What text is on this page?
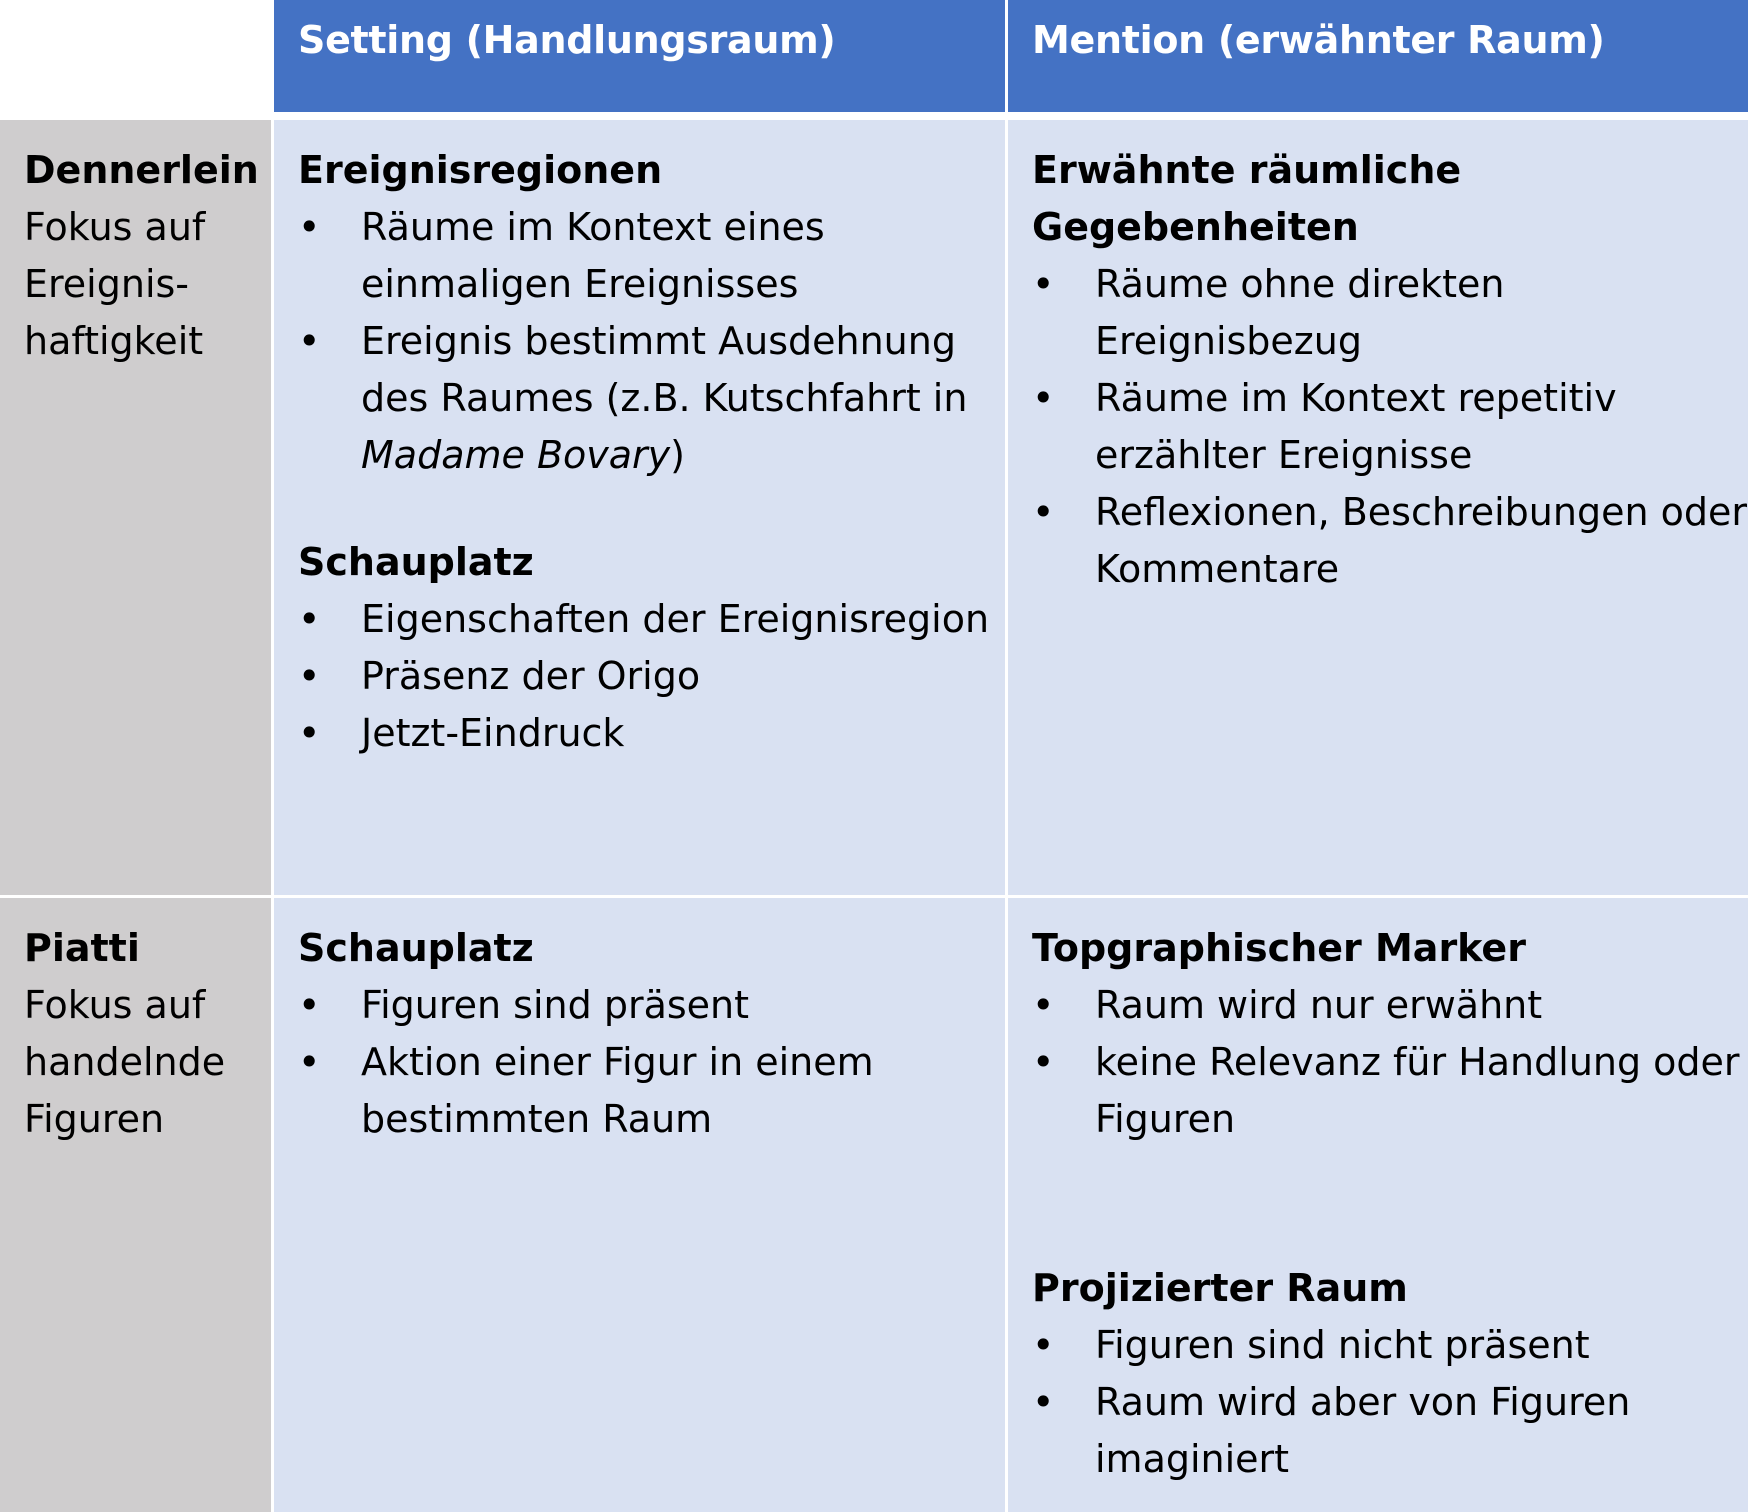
Setting (Handlungsraum)	Mention (erwähnter Raum)
Dennerlein
Fokus auf
Ereignis-
haftigkeit
Ereignisregionen
• Räume im Kontext eines einmaligen Ereignisses
• Ereignis bestimmt Ausdehnung des Raumes (z.B. Kutschfahrt in Madame Bovary)
Schauplatz
• Eigenschaften der Ereignisregion
• Präsenz der Origo
• Jetzt-Eindruck
Erwähnte räumliche Gegebenheiten
• Räume ohne direkten Ereignisbezug
• Räume im Kontext repetitiv erzählter Ereignisse
• Reflexionen, Beschreibungen oder Kommentare
Piatti
Fokus auf
handelnde
Figuren
Schauplatz
• Figuren sind präsent
• Aktion einer Figur in einem bestimmten Raum
Topgraphischer Marker
• Raum wird nur erwähnt
• keine Relevanz für Handlung oder Figuren
Projizierter Raum
• Figuren sind nicht präsent
• Raum wird aber von Figuren imaginiert
